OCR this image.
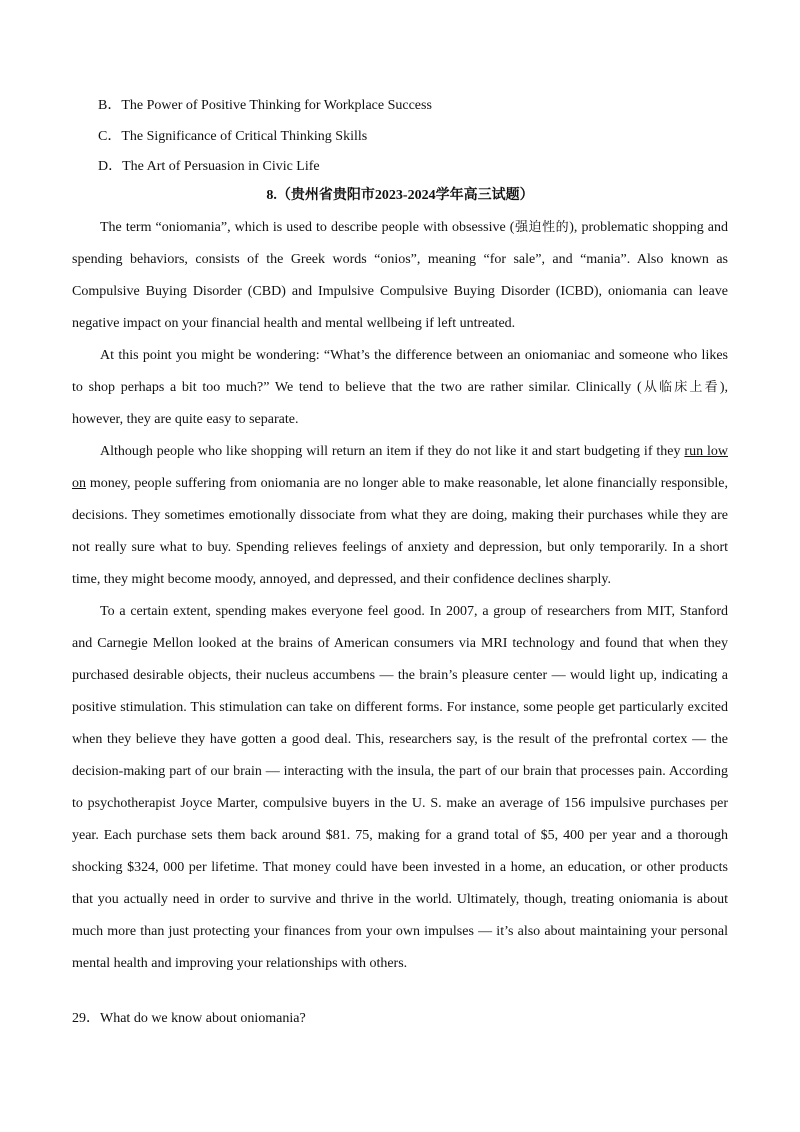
B．The Power of Positive Thinking for Workplace Success
C．The Significance of Critical Thinking Skills
D．The Art of Persuasion in Civic Life
8.（贵州省贵阳市2023-2024学年高三试题）

The term “oniomania”, which is used to describe people with obsessive (强迫性的), problematic shopping and spending behaviors, consists of the Greek words “onios”, meaning “for sale”, and “mania”. Also known as Compulsive Buying Disorder (CBD) and Impulsive Compulsive Buying Disorder (ICBD), oniomania can leave negative impact on your financial health and mental wellbeing if left untreated.

At this point you might be wondering: “What’s the difference between an oniomaniac and someone who likes to shop perhaps a bit too much?” We tend to believe that the two are rather similar. Clinically (从临床上看), however, they are quite easy to separate.

Although people who like shopping will return an item if they do not like it and start budgeting if they run low on money, people suffering from oniomania are no longer able to make reasonable, let alone financially responsible, decisions. They sometimes emotionally dissociate from what they are doing, making their purchases while they are not really sure what to buy. Spending relieves feelings of anxiety and depression, but only temporarily. In a short time, they might become moody, annoyed, and depressed, and their confidence declines sharply.

To a certain extent, spending makes everyone feel good. In 2007, a group of researchers from MIT, Stanford and Carnegie Mellon looked at the brains of American consumers via MRI technology and found that when they purchased desirable objects, their nucleus accumbens — the brain’s pleasure center — would light up, indicating a positive stimulation. This stimulation can take on different forms. For instance, some people get particularly excited when they believe they have gotten a good deal. This, researchers say, is the result of the prefrontal cortex — the decision-making part of our brain — interacting with the insula, the part of our brain that processes pain. According to psychotherapist Joyce Marter, compulsive buyers in the U. S. make an average of 156 impulsive purchases per year. Each purchase sets them back around $81. 75, making for a grand total of $5, 400 per year and a thorough shocking $324, 000 per lifetime. That money could have been invested in a home, an education, or other products that you actually need in order to survive and thrive in the world. Ultimately, though, treating oniomania is about much more than just protecting your finances from your own impulses — it’s also about maintaining your personal mental health and improving your relationships with others.

29．What do we know about oniomania?
